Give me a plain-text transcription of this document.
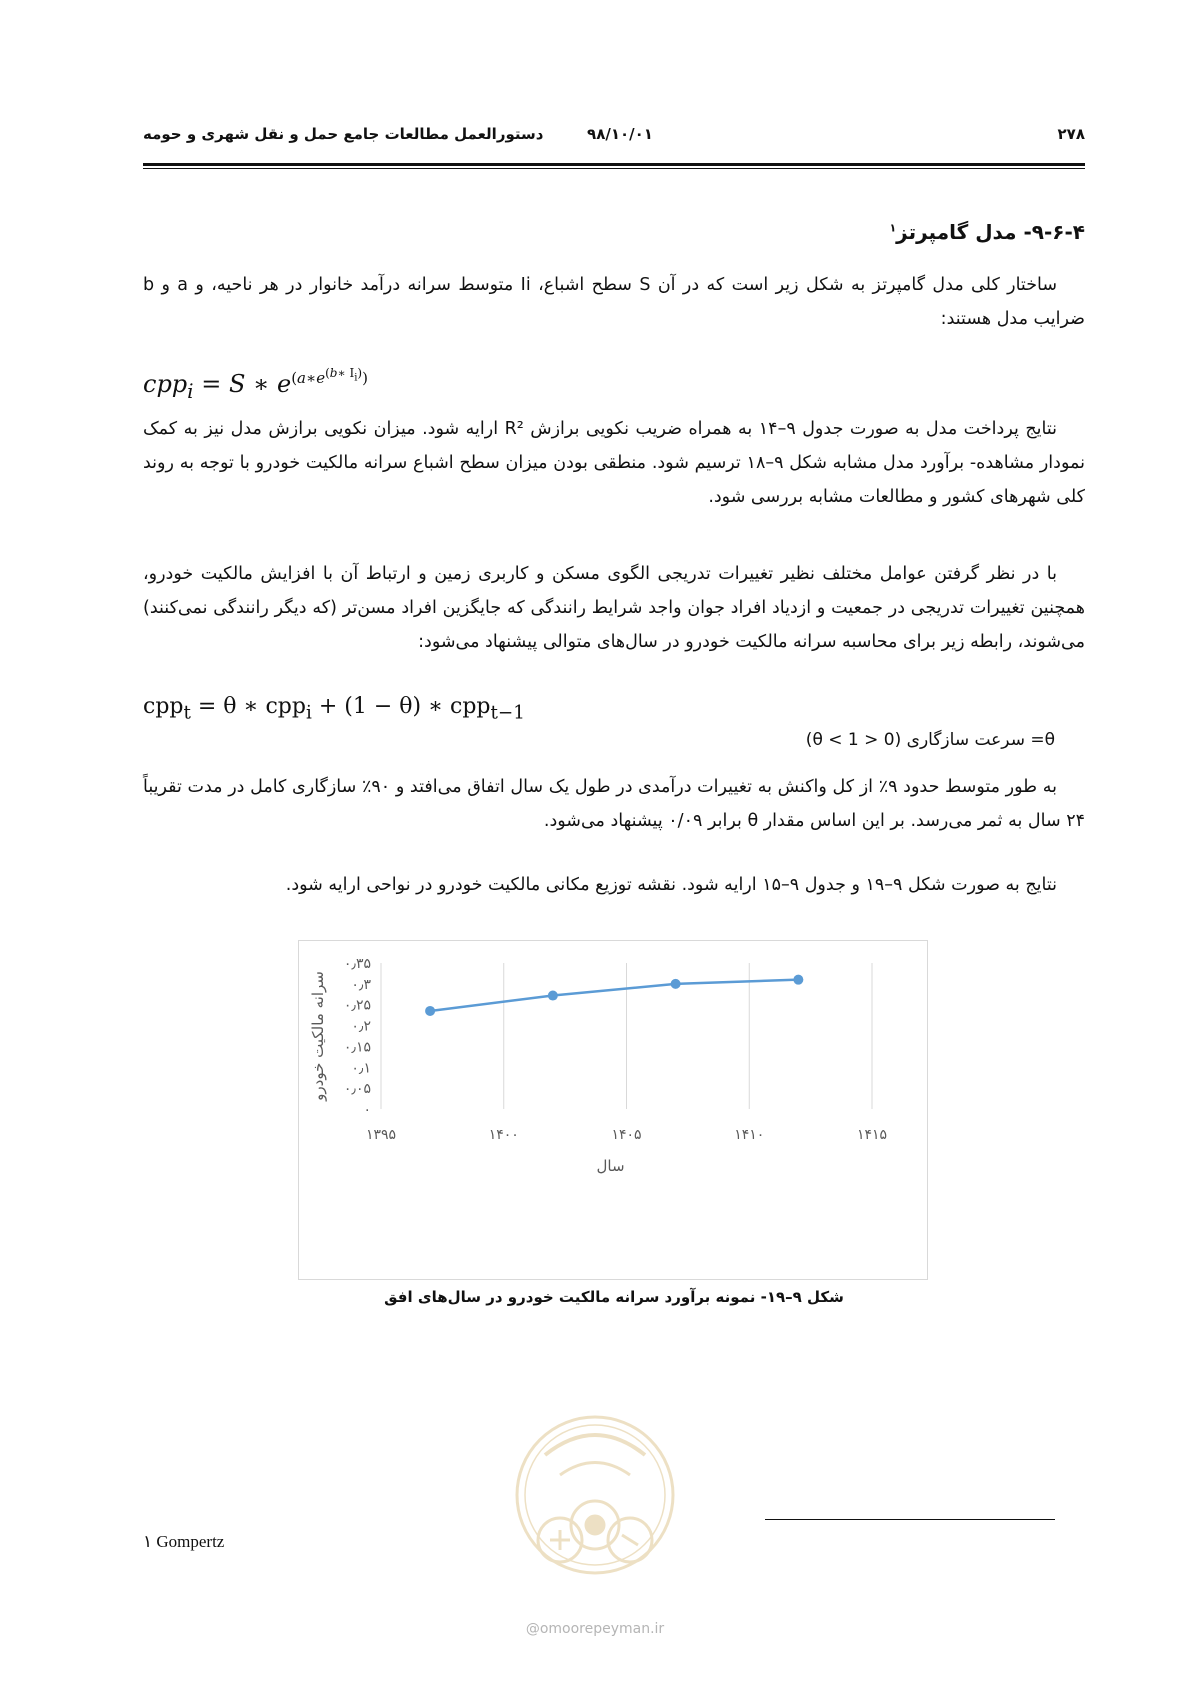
دستورالعمل مطالعات جامع حمل و نقل شهری و حومه	۹۸/۱۰/۰۱	۲۷۸
۹-۶-۴- مدل گامپرتز$^۱$

ساختار کلی مدل گامپرتز به شکل زیر است که در آن S سطح اشباع، Ii متوسط سرانه درآمد خانوار در هر ناحیه، و a و b ضرایب مدل هستند:

cpp$_i$ = S ∗ $e^{(a∗e^{(b∗ I_i)})}$

نتایج پرداخت مدل به صورت جدول ۹–۱۴ به همراه ضریب نکویی برازش R² ارایه شود. میزان نکویی برازش مدل نیز به کمک نمودار مشاهده- برآورد مدل مشابه شکل ۹–۱۸ ترسیم شود. منطقی بودن میزان سطح اشباع سرانه مالکیت خودرو با توجه به روند کلی شهرهای کشور و مطالعات مشابه بررسی شود.

با در نظر گرفتن عوامل مختلف نظیر تغییرات تدریجی الگوی مسکن و کاربری زمین و ارتباط آن با افزایش مالکیت خودرو، همچنین تغییرات تدریجی در جمعیت و ازدیاد افراد جوان واجد شرایط رانندگی که جایگزین افراد مسن‌تر (که دیگر رانندگی نمی‌کنند) می‌شوند، رابطه زیر برای محاسبه سرانه مالکیت خودرو در سال‌های متوالی پیشنهاد می‌شود:

cpp$_t$ = θ ∗ cpp$_i$ + (1 − θ) ∗ cpp$_{t-1}$
θ= سرعت سازگاری (0 < θ < 1)

به طور متوسط حدود ۹٪ از کل واکنش به تغییرات درآمدی در طول یک سال اتفاق می‌افتد و ۹۰٪ سازگاری کامل در مدت تقریباً ۲۴ سال به ثمر می‌رسد. بر این اساس مقدار θ برابر ۰/۰۹ پیشنهاد می‌شود.

نتایج به صورت شکل ۹–۱۹ و جدول ۹–۱۵ ارایه شود. نقشه توزیع مکانی مالکیت خودرو در نواحی ارایه شود.

۱۳۹۵	۱۴۰۰	۱۴۰۵	۱۴۱۰	۱۴۱۵
۰
۰٫۰۵
۰٫۱
۰٫۱۵
۰٫۲
۰٫۲۵
۰٫۳
۰٫۳۵
سال
سرانه مالکیت خودرو
شکل ۹–۱۹- نمونه برآورد سرانه مالکیت خودرو در سال‌های افق
@omoorepeyman.ir
۱ Gompertz
